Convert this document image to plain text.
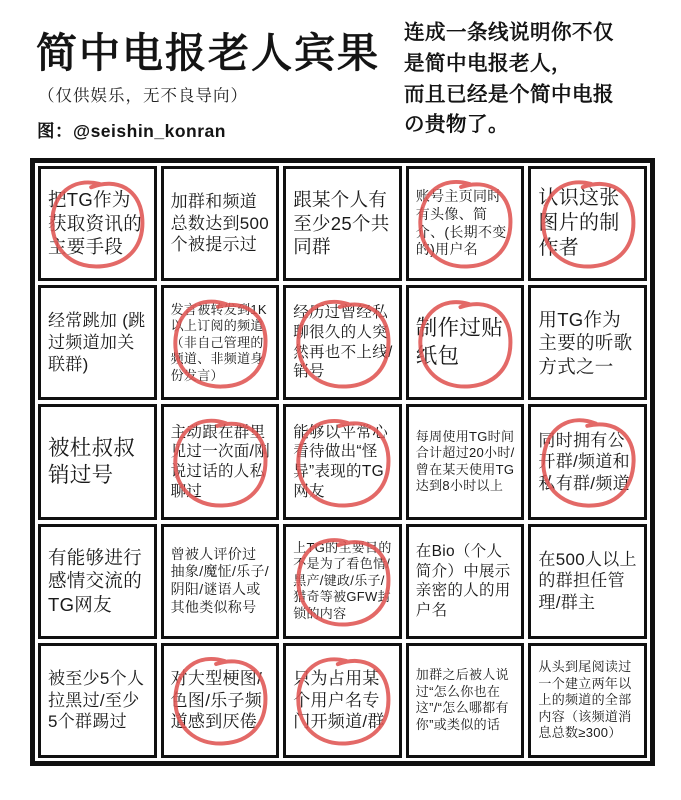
简中电报老人宾果
（仅供娱乐，无不良导向）
图：@seishin_konran
连成一条线说明你不仅
是简中电报老人，
而且已经是个简中电报
の贵物了。
把TG作为获取资讯的主要手段
加群和频道总数达到500个被提示过
跟某个人有至少25个共同群
账号主页同时有头像、简介、(长期不变的)用户名
认识这张图片的制作者
经常跳加 (跳过频道加关联群)
发言被转发到1K以上订阅的频道（非自己管理的频道、非频道身份发言）
经历过曾经私聊很久的人突然再也不上线/销号
制作过贴纸包
用TG作为主要的听歌方式之一
被杜叔叔销过号
主动跟在群里见过一次面/刚说过话的人私聊过
能够以平常心看待做出“怪异”表现的TG网友
每周使用TG时间合计超过20小时/曾在某天使用TG达到8小时以上
同时拥有公开群/频道和私有群/频道
有能够进行感情交流的TG网友
曾被人评价过抽象/魔怔/乐子/阴阳/谜语人或其他类似称号
上TG的主要目的不是为了看色情/黑产/键政/乐子/猎奇等被GFW封锁的内容
在Bio（个人简介）中展示亲密的人的用户名
在500人以上的群担任管理/群主
被至少5个人拉黑过/至少5个群踢过
对大型梗图/色图/乐子频道感到厌倦
只为占用某个用户名专门开频道/群
加群之后被人说过“怎么你也在这”/“怎么哪都有你”或类似的话
从头到尾阅读过一个建立两年以上的频道的全部内容（该频道消息总数≥300）
